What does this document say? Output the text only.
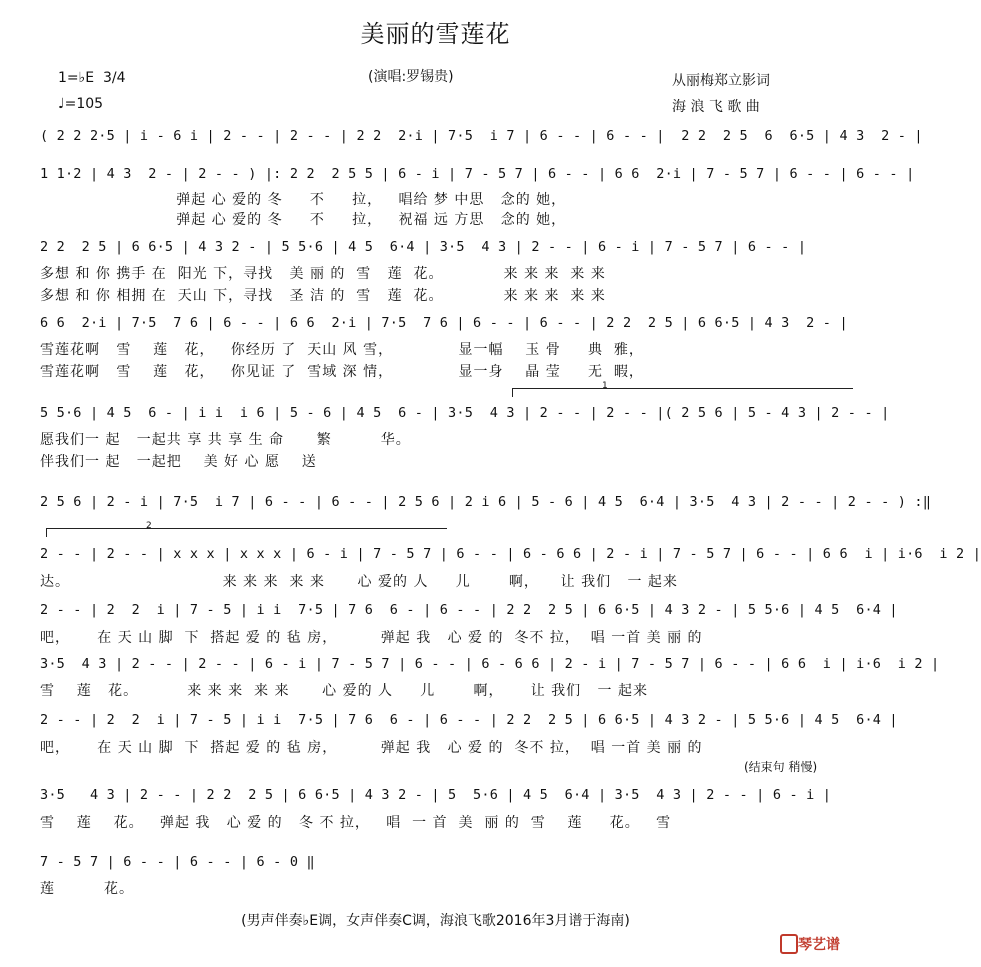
美丽的雪莲花
1=♭E  3/4
♩=105
(演唱:罗锡贵)	从丽梅郑立影词
海 浪 飞 歌 曲
( 2 2 2·5 | i - 6 i | 2 - - | 2 - - | 2 2  2·i | 7·5  i 7 | 6 - - | 6 - - |  2 2  2 5  6  6·5 | 4 3  2 - |
1 1·2 | 4 3  2 - | 2 - - ) |: 2 2  2 5 5 | 6 - i | 7 - 5 7 | 6 - - | 6 6  2·i | 7 - 5 7 | 6 - - | 6 - - |
弹起 心 爱的 冬     不     拉，   唱给 梦 中思   念的 她，
弹起 心 爱的 冬     不     拉，   祝福 远 方思   念的 她，
2 2  2 5 | 6 6·5 | 4 3 2 - | 5 5·6 | 4 5  6·4 | 3·5  4 3 | 2 - - | 6 - i | 7 - 5 7 | 6 - - |
多想 和 你 携手 在  阳光 下，寻找   美 丽 的  雪   莲  花。           来 来 来  来 来
多想 和 你 相拥 在  天山 下，寻找   圣 洁 的  雪   莲  花。           来 来 来  来 来
6 6  2·i | 7·5  7 6 | 6 - - | 6 6  2·i | 7·5  7 6 | 6 - - | 6 - - | 2 2  2 5 | 6 6·5 | 4 3  2 - |
雪莲花啊   雪    莲   花，   你经历 了  天山 风 雪，            显一幅    玉 骨     典  雅，
雪莲花啊   雪    莲   花，   你见证 了  雪域 深 情，            显一身    晶 莹     无  暇，
1
5 5·6 | 4 5  6 - | i i  i 6 | 5 - 6 | 4 5  6 - | 3·5  4 3 | 2 - - | 2 - - |( 2 5 6 | 5 - 4 3 | 2 - - |
愿我们一 起   一起共 享 共 享 生 命      繁         华。
伴我们一 起   一起把    美 好 心 愿    送
2 5 6 | 2 - i | 7·5  i 7 | 6 - - | 6 - - | 2 5 6 | 2 i 6 | 5 - 6 | 4 5  6·4 | 3·5  4 3 | 2 - - | 2 - - ) :‖
2
2 - - | 2 - - | x x x | x x x | 6 - i | 7 - 5 7 | 6 - - | 6 - 6 6 | 2 - i | 7 - 5 7 | 6 - - | 6 6  i | i·6  i 2 |
达。                            来 来 来  来 来      心 爱的 人     儿       啊，    让 我们   一 起来
2 - - | 2  2  i | 7 - 5 | i i  7·5 | 7 6  6 - | 6 - - | 2 2  2 5 | 6 6·5 | 4 3 2 - | 5 5·6 | 4 5  6·4 |
吧，     在 天 山 脚  下  搭起 爱 的 毡 房，        弹起 我   心 爱 的  冬不 拉，  唱 一首 美 丽 的
3·5  4 3 | 2 - - | 2 - - | 6 - i | 7 - 5 7 | 6 - - | 6 - 6 6 | 2 - i | 7 - 5 7 | 6 - - | 6 6  i | i·6  i 2 |
雪    莲   花。         来 来 来  来 来      心 爱的 人     儿       啊，     让 我们   一 起来
2 - - | 2  2  i | 7 - 5 | i i  7·5 | 7 6  6 - | 6 - - | 2 2  2 5 | 6 6·5 | 4 3 2 - | 5 5·6 | 4 5  6·4 |
吧，     在 天 山 脚  下  搭起 爱 的 毡 房，        弹起 我   心 爱 的  冬不 拉，  唱 一首 美 丽 的
(结束句 稍慢)
3·5   4 3 | 2 - - | 2 2  2 5 | 6 6·5 | 4 3 2 - | 5  5·6 | 4 5  6·4 | 3·5  4 3 | 2 - - | 6 - i |
雪    莲    花。   弹起 我   心 爱 的   冬 不 拉，   唱  一 首  美  丽 的  雪    莲     花。   雪
7 - 5 7 | 6 - - | 6 - - | 6 - 0 ‖
莲         花。
(男声伴奏♭E调，女声伴奏C调，海浪飞歌2016年3月谱于海南)
琴艺谱
